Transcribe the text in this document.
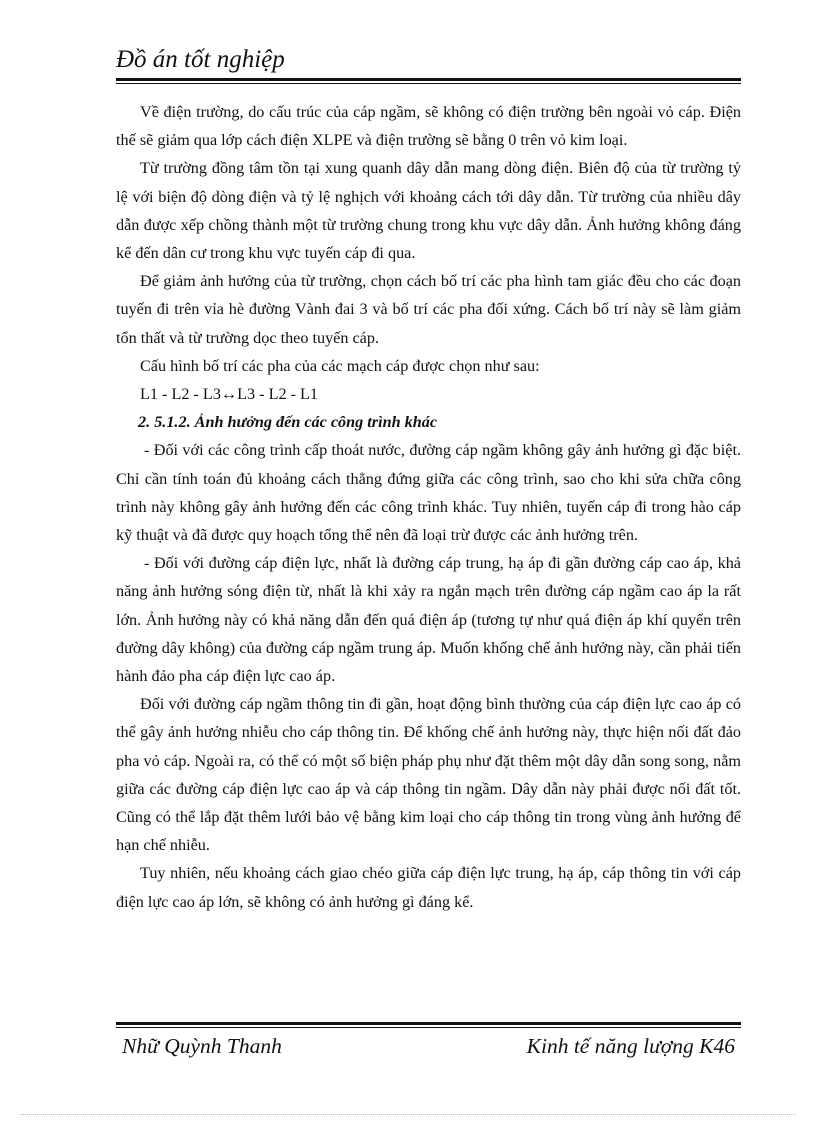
Đồ án tốt nghiệp

Về điện trường, do cấu trúc của cáp ngầm, sẽ không có điện trường bên ngoài vỏ cáp. Điện thế sẽ giảm qua lớp cách điện XLPE và điện trường sẽ bằng 0 trên vỏ kim loại.

Từ trường đồng tâm tồn tại xung quanh dây dẫn mang dòng điện. Biên độ của từ trường tỷ lệ với biện độ dòng điện và tỷ lệ nghịch với khoảng cách tới dây dẫn. Từ trường của nhiều dây dẫn được xếp chồng thành một từ trường chung trong khu vực dây dẫn. Ảnh hưởng không đáng kể đến dân cư trong khu vực tuyến cáp đi qua.

Để giảm ảnh hưởng của từ trường, chọn cách bố trí các pha hình tam giác đều cho các đoạn tuyến đi trên vỉa hè đường Vành đai 3 và bố trí các pha đối xứng. Cách bố trí này sẽ làm giảm tổn thất và từ trường dọc theo tuyến cáp.

Cấu hình bố trí các pha của các mạch cáp được chọn như sau:

L1 - L2 - L3↔L3 - L2 - L1

2. 5.1.2. Ảnh hưởng đến các công trình khác

- Đối với các công trình cấp thoát nước, đường cáp ngầm không gây ảnh hưởng gì đặc biệt. Chỉ cần tính toán đủ khoảng cách thẳng đứng giữa các công trình, sao cho khi sửa chữa công trình này không gây ảnh hưởng đến các công trình khác. Tuy nhiên, tuyến cáp đi trong hào cáp kỹ thuật và đã được quy hoạch tổng thể nên đã loại trừ được các ảnh hưởng trên.

- Đối với đường cáp điện lực, nhất là đường cáp trung, hạ áp đi gần đường cáp cao áp, khả năng ảnh hưởng sóng điện từ, nhất là khi xảy ra ngắn mạch trên đường cáp ngầm cao áp la rất lớn. Ảnh hưởng này có khả năng dẫn đến quá điện áp (tương tự như quá điện áp khí quyển trên đường dây không) của đường cáp ngầm trung áp. Muốn khống chế ảnh hưởng này, cần phải tiến hành đảo pha cáp điện lực cao áp.

Đối với đường cáp ngầm thông tin đi gần, hoạt động bình thường của cáp điện lực cao áp có thể gây ảnh hưởng nhiễu cho cáp thông tin. Để khống chế ảnh hưởng này, thực hiện nối đất đảo pha vỏ cáp. Ngoài ra, có thể có một số biện pháp phụ như đặt thêm một dây dẫn song song, nằm giữa các đường cáp điện lực cao áp và cáp thông tin ngầm. Dây dẫn này phải được nối đất tốt. Cũng có thể lắp đặt thêm lưới bảo vệ bằng kim loại cho cáp thông tin trong vùng ảnh hưởng để hạn chế nhiễu.

Tuy nhiên, nếu khoảng cách giao chéo giữa cáp điện lực trung, hạ áp, cáp thông tin với cáp điện lực cao áp lớn, sẽ không có ảnh hưởng gì đáng kể.

Nhữ Quỳnh Thanh	Kinh tế năng lượng K46
